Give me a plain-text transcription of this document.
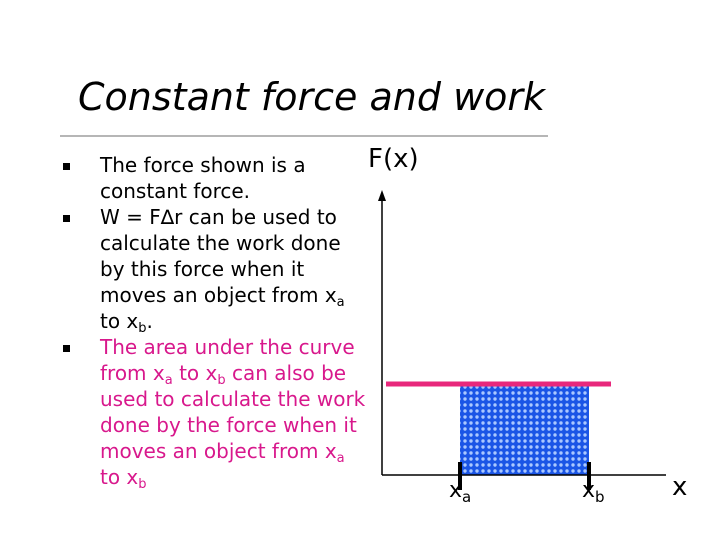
Constant force and work
The force shown is a constant force.
W = F∆r can be used to calculate the work done by this force when it moves an object from $x_a$ to $x_b$.
The area under the curve from $x_a$ to $x_b$ can also be used to calculate the work done by the force when it moves an object from $x_a$ to $x_b$
F(x)
$x_a$	$x_b$	x
